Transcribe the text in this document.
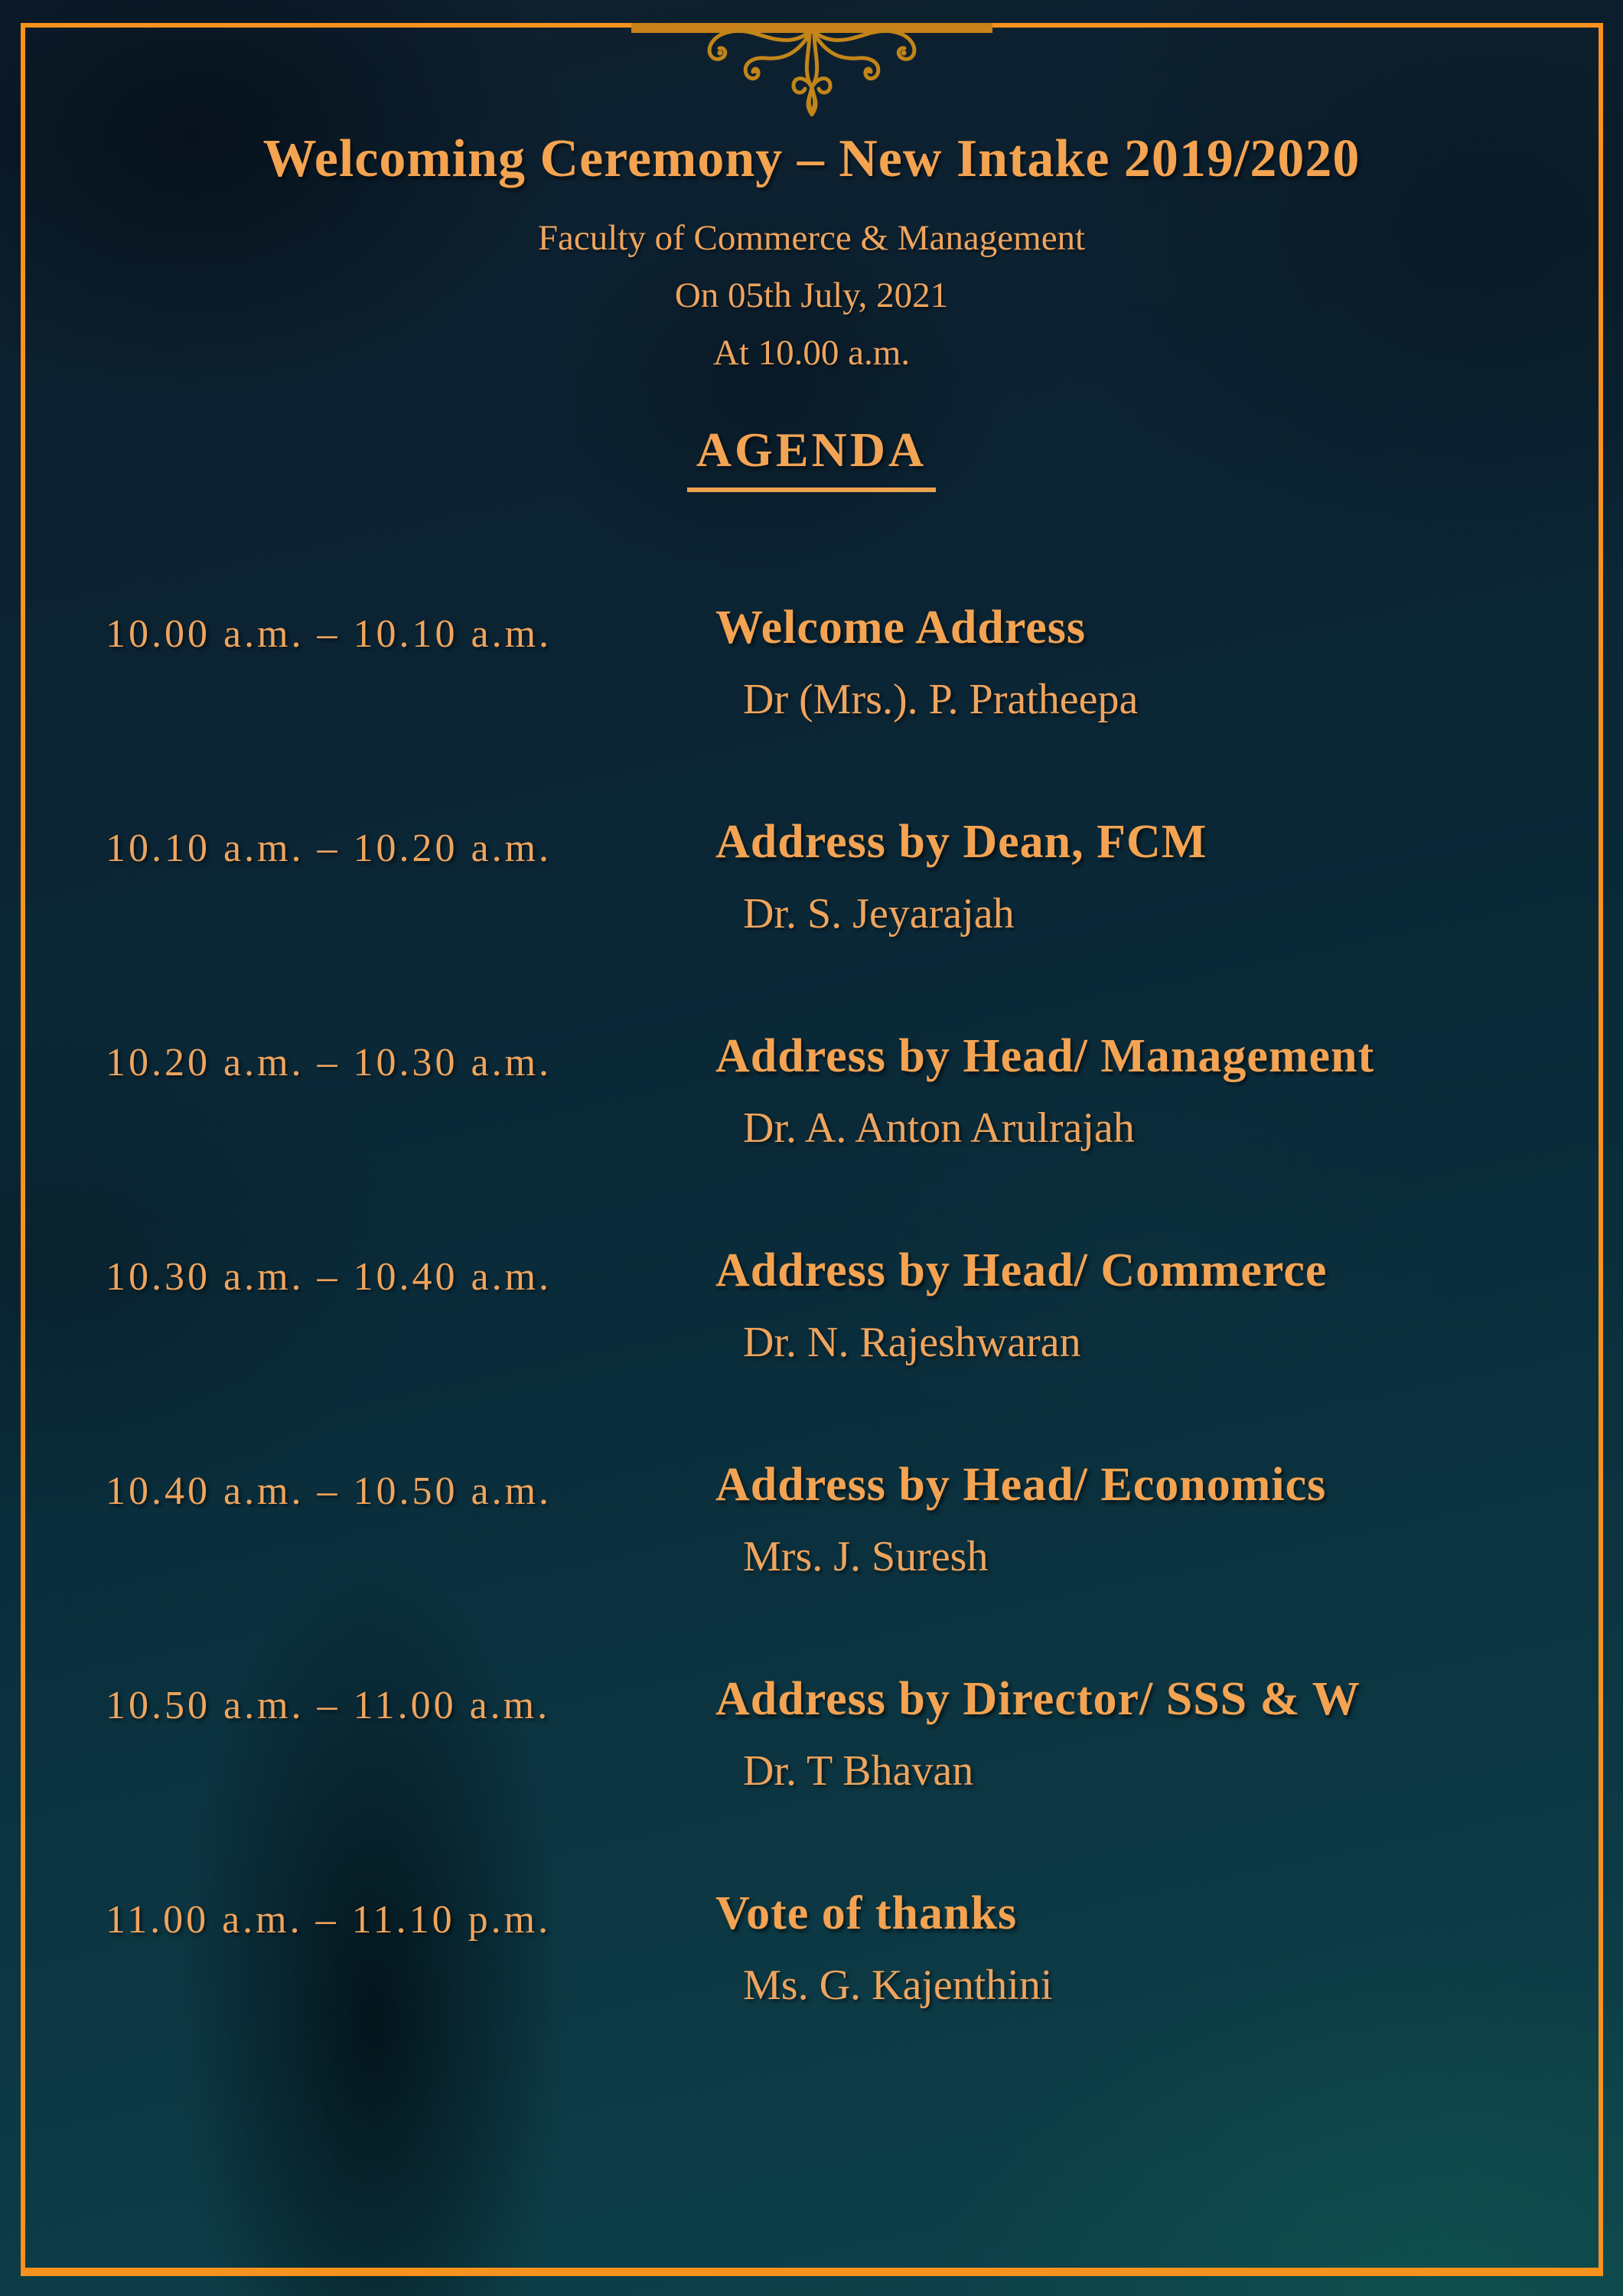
Welcoming Ceremony – New Intake 2019/2020
Faculty of Commerce & Management
On 05th July, 2021
At 10.00 a.m.
AGENDA
10.00 a.m. – 10.10 a.m.	Welcome Address
Dr (Mrs.). P. Pratheepa
10.10 a.m. – 10.20 a.m.	Address by Dean, FCM
Dr. S. Jeyarajah
10.20 a.m. – 10.30 a.m.	Address by Head/ Management
Dr. A. Anton Arulrajah
10.30 a.m. – 10.40 a.m.	Address by Head/ Commerce
Dr. N. Rajeshwaran
10.40 a.m. – 10.50 a.m.	Address by Head/ Economics
Mrs. J. Suresh
10.50 a.m. – 11.00 a.m.	Address by Director/ SSS & W
Dr. T Bhavan
11.00 a.m. – 11.10 p.m.	Vote of thanks
Ms. G. Kajenthini
